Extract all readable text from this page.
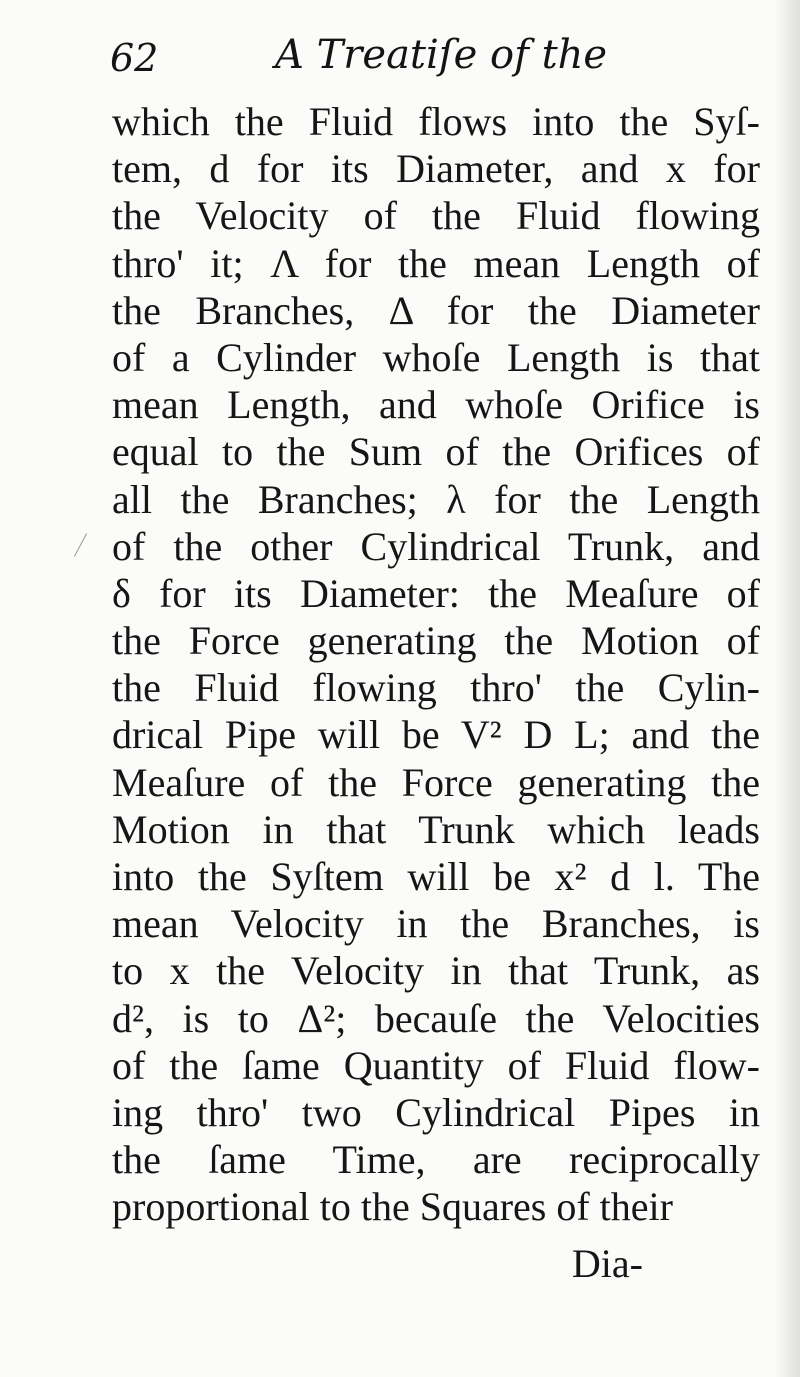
62	A Treatiſe of the
which the Fluid flows into the Syſ-
tem, d for its Diameter, and x for
the Velocity of the Fluid flowing
thro' it; Λ for the mean Length of
the Branches, Δ for the Diameter
of a Cylinder whoſe Length is that
mean Length, and whoſe Orifice is
equal to the Sum of the Orifices of
all the Branches; λ for the Length
of the other Cylindrical Trunk, and
δ for its Diameter: the Meaſure of
the Force generating the Motion of
the Fluid flowing thro' the Cylin-
drical Pipe will be V² D L; and the
Meaſure of the Force generating the
Motion in that Trunk which leads
into the Syſtem will be x² d l. The
mean Velocity in the Branches, is
to x the Velocity in that Trunk, as
d², is to Δ²; becauſe the Velocities
of the ſame Quantity of Fluid flow-
ing thro' two Cylindrical Pipes in
the ſame Time, are reciprocally
proportional to the Squares of their
Dia-
